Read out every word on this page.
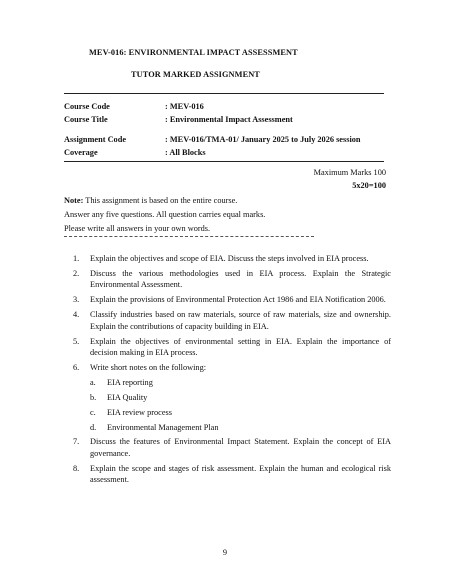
MEV-016: ENVIRONMENTAL IMPACT ASSESSMENT
TUTOR MARKED ASSIGNMENT
Course Code	: MEV-016
Course Title	: Environmental Impact Assessment
Assignment Code	: MEV-016/TMA-01/ January 2025 to July 2026 session
Coverage	: All Blocks
Maximum Marks 100
5x20=100
Note: This assignment is based on the entire course.
Answer any five questions. All question carries equal marks.
Please write all answers in your own words.
1. Explain the objectives and scope of EIA. Discuss the steps involved in EIA process.
2. Discuss the various methodologies used in EIA process. Explain the Strategic Environmental Assessment.
3. Explain the provisions of Environmental Protection Act 1986 and EIA Notification 2006.
4. Classify industries based on raw materials, source of raw materials, size and ownership. Explain the contributions of capacity building in EIA.
5. Explain the objectives of environmental setting in EIA. Explain the importance of decision making in EIA process.
6. Write short notes on the following:
a. EIA reporting
b. EIA Quality
c. EIA review process
d. Environmental Management Plan
7. Discuss the features of Environmental Impact Statement. Explain the concept of EIA governance.
8. Explain the scope and stages of risk assessment. Explain the human and ecological risk assessment.
9
